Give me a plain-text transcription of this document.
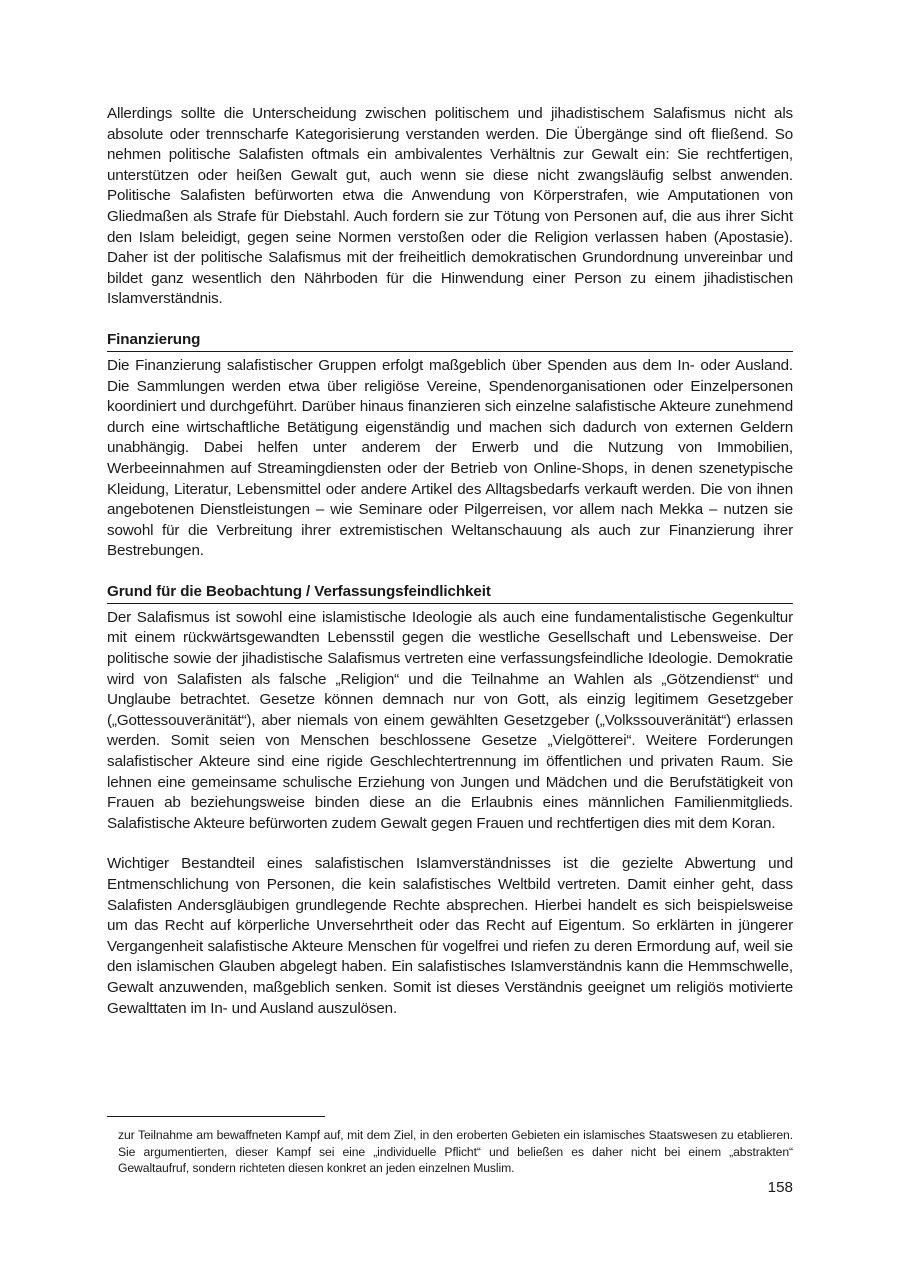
Allerdings sollte die Unterscheidung zwischen politischem und jihadistischem Salafismus nicht als absolute oder trennscharfe Kategorisierung verstanden werden. Die Übergänge sind oft fließend. So nehmen politische Salafisten oftmals ein ambivalentes Verhältnis zur Gewalt ein: Sie rechtfertigen, unterstützen oder heißen Gewalt gut, auch wenn sie diese nicht zwangsläufig selbst anwenden. Politische Salafisten befürworten etwa die Anwendung von Körperstrafen, wie Amputationen von Gliedmaßen als Strafe für Diebstahl. Auch fordern sie zur Tötung von Personen auf, die aus ihrer Sicht den Islam beleidigt, gegen seine Normen verstoßen oder die Religion verlassen haben (Apostasie). Daher ist der politische Salafismus mit der freiheitlich demokratischen Grundordnung unvereinbar und bildet ganz wesentlich den Nährboden für die Hinwendung einer Person zu einem jihadistischen Islamverständnis.

Finanzierung

Die Finanzierung salafistischer Gruppen erfolgt maßgeblich über Spenden aus dem In- oder Ausland. Die Sammlungen werden etwa über religiöse Vereine, Spendenorganisationen oder Einzelpersonen koordiniert und durchgeführt. Darüber hinaus finanzieren sich einzelne salafistische Akteure zunehmend durch eine wirtschaftliche Betätigung eigenständig und machen sich dadurch von externen Geldern unabhängig. Dabei helfen unter anderem der Erwerb und die Nutzung von Immobilien, Werbeeinnahmen auf Streamingdiensten oder der Betrieb von Online-Shops, in denen szenetypische Kleidung, Literatur, Lebensmittel oder andere Artikel des Alltagsbedarfs verkauft werden. Die von ihnen angebotenen Dienstleistungen – wie Seminare oder Pilgerreisen, vor allem nach Mekka – nutzen sie sowohl für die Verbreitung ihrer extremistischen Weltanschauung als auch zur Finanzierung ihrer Bestrebungen.

Grund für die Beobachtung / Verfassungsfeindlichkeit

Der Salafismus ist sowohl eine islamistische Ideologie als auch eine fundamentalistische Gegenkultur mit einem rückwärtsgewandten Lebensstil gegen die westliche Gesellschaft und Lebensweise. Der politische sowie der jihadistische Salafismus vertreten eine verfassungsfeindliche Ideologie. Demokratie wird von Salafisten als falsche „Religion“ und die Teilnahme an Wahlen als „Götzendienst“ und Unglaube betrachtet. Gesetze können demnach nur von Gott, als einzig legitimem Gesetzgeber („Gottessouveränität“), aber niemals von einem gewählten Gesetzgeber („Volkssouveränität“) erlassen werden. Somit seien von Menschen beschlossene Gesetze „Vielgötterei“. Weitere Forderungen salafistischer Akteure sind eine rigide Geschlechtertrennung im öffentlichen und privaten Raum. Sie lehnen eine gemeinsame schulische Erziehung von Jungen und Mädchen und die Berufstätigkeit von Frauen ab beziehungsweise binden diese an die Erlaubnis eines männlichen Familienmitglieds. Salafistische Akteure befürworten zudem Gewalt gegen Frauen und rechtfertigen dies mit dem Koran.

Wichtiger Bestandteil eines salafistischen Islamverständnisses ist die gezielte Abwertung und Entmenschlichung von Personen, die kein salafistisches Weltbild vertreten. Damit einher geht, dass Salafisten Andersgläubigen grundlegende Rechte absprechen. Hierbei handelt es sich beispielsweise um das Recht auf körperliche Unversehrtheit oder das Recht auf Eigentum. So erklärten in jüngerer Vergangenheit salafistische Akteure Menschen für vogelfrei und riefen zu deren Ermordung auf, weil sie den islamischen Glauben abgelegt haben. Ein salafistisches Islamverständnis kann die Hemmschwelle, Gewalt anzuwenden, maßgeblich senken. Somit ist dieses Verständnis geeignet um religiös motivierte Gewalttaten im In- und Ausland auszulösen.

zur Teilnahme am bewaffneten Kampf auf, mit dem Ziel, in den eroberten Gebieten ein islamisches Staatswesen zu etablieren. Sie argumentierten, dieser Kampf sei eine „individuelle Pflicht“ und beließen es daher nicht bei einem „abstrakten“ Gewaltaufruf, sondern richteten diesen konkret an jeden einzelnen Muslim.

158
